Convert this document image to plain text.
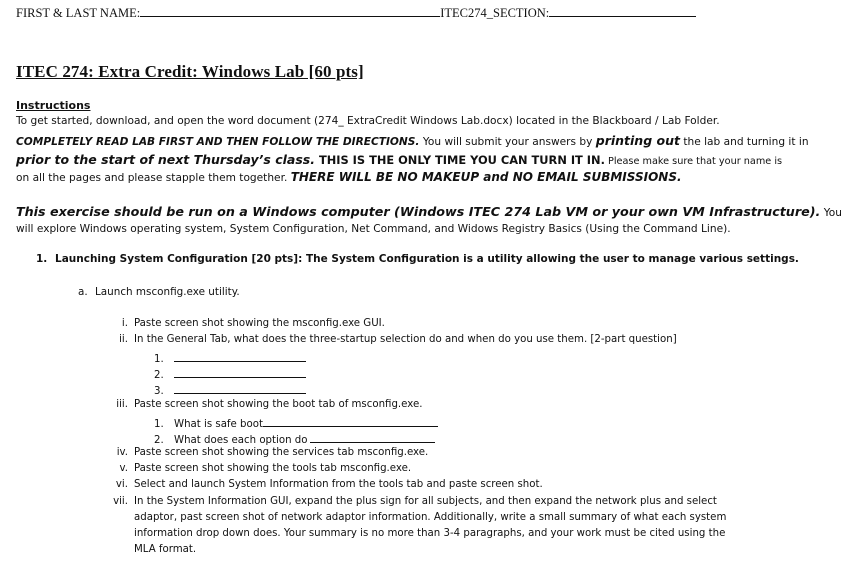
FIRST & LAST NAME:	ITEC274_SECTION:
ITEC 274: Extra Credit: Windows Lab [60 pts]
Instructions
To get started, download, and open the word document (274_ ExtraCredit Windows Lab.docx) located in the Blackboard / Lab Folder.
COMPLETELY READ LAB FIRST AND THEN FOLLOW THE DIRECTIONS. You will submit your answers by printing out the lab and turning it in
prior to the start of next Thursday’s class. THIS IS THE ONLY TIME YOU CAN TURN IT IN. Please make sure that your name is
on all the pages and please stapple them together. THERE WILL BE NO MAKEUP and NO EMAIL SUBMISSIONS.
This exercise should be run on a Windows computer (Windows ITEC 274 Lab VM or your own VM Infrastructure). You
will explore Windows operating system, System Configuration, Net Command, and Widows Registry Basics (Using the Command Line).
1. Launching System Configuration [20 pts]: The System Configuration is a utility allowing the user to manage various settings.
a. Launch msconfig.exe utility.
i. Paste screen shot showing the msconfig.exe GUI.
ii. In the General Tab, what does the three-startup selection do and when do you use them. [2-part question]
1.
2.
3.
iii. Paste screen shot showing the boot tab of msconfig.exe.
1. What is safe boot
2. What does each option do
iv. Paste screen shot showing the services tab msconfig.exe.
v. Paste screen shot showing the tools tab msconfig.exe.
vi. Select and launch System Information from the tools tab and paste screen shot.
vii. In the System Information GUI, expand the plus sign for all subjects, and then expand the network plus and select
adaptor, past screen shot of network adaptor information. Additionally, write a small summary of what each system
information drop down does. Your summary is no more than 3-4 paragraphs, and your work must be cited using the
MLA format.
